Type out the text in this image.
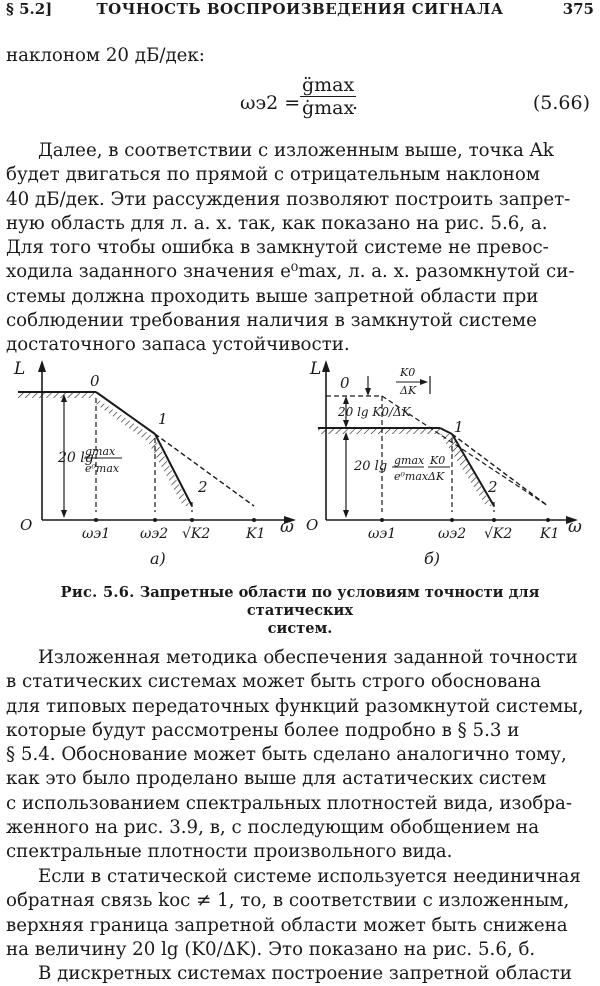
§ 5.2]	ТОЧНОСТЬ ВОСПРОИЗВЕДЕНИЯ СИГНАЛА	375
наклоном 20 дБ/дек:
ωэ2 =
g̈max
ġmax
.	(5.66)
Далее, в соответствии с изложенным выше, точка Ak
будет двигаться по прямой с отрицательным наклоном
40 дБ/дек. Эти рассуждения позволяют построить запрет-
ную область для л. а. х. так, как показано на рис. 5.6, а.
Для того чтобы ошибка в замкнутой системе не превос-
ходила заданного значения e⁰max, л. а. х. разомкнутой си-
стемы должна проходить выше запретной области при
соблюдении требования наличия в замкнутой системе
достаточного запаса устойчивости.
L
O	ω
0
1
2
20 lg
gmax
e⁰max
ωэ1 ωэ2 √K2	K1
а)
L
O	ω
0
K0
ΔK
20 lg K0/ΔK
1
2
20 lg gmax
e⁰max
K0
ΔK
ωэ1	ωэ2 √K2 K1
б)
Рис. 5.6. Запретные области по условиям точности для статических
систем.
Изложенная методика обеспечения заданной точности
в статических системах может быть строго обоснована
для типовых передаточных функций разомкнутой системы,
которые будут рассмотрены более подробно в § 5.3 и
§ 5.4. Обоснование может быть сделано аналогично тому,
как это было проделано выше для астатических систем
с использованием спектральных плотностей вида, изобра-
женного на рис. 3.9, в, с последующим обобщением на
спектральные плотности произвольного вида.
Если в статической системе используется неединичная
обратная связь kос ≠ 1, то, в соответствии с изложенным,
верхняя граница запретной области может быть снижена
на величину 20 lg (K0/ΔK). Это показано на рис. 5.6, б.
В дискретных системах построение запретной области
